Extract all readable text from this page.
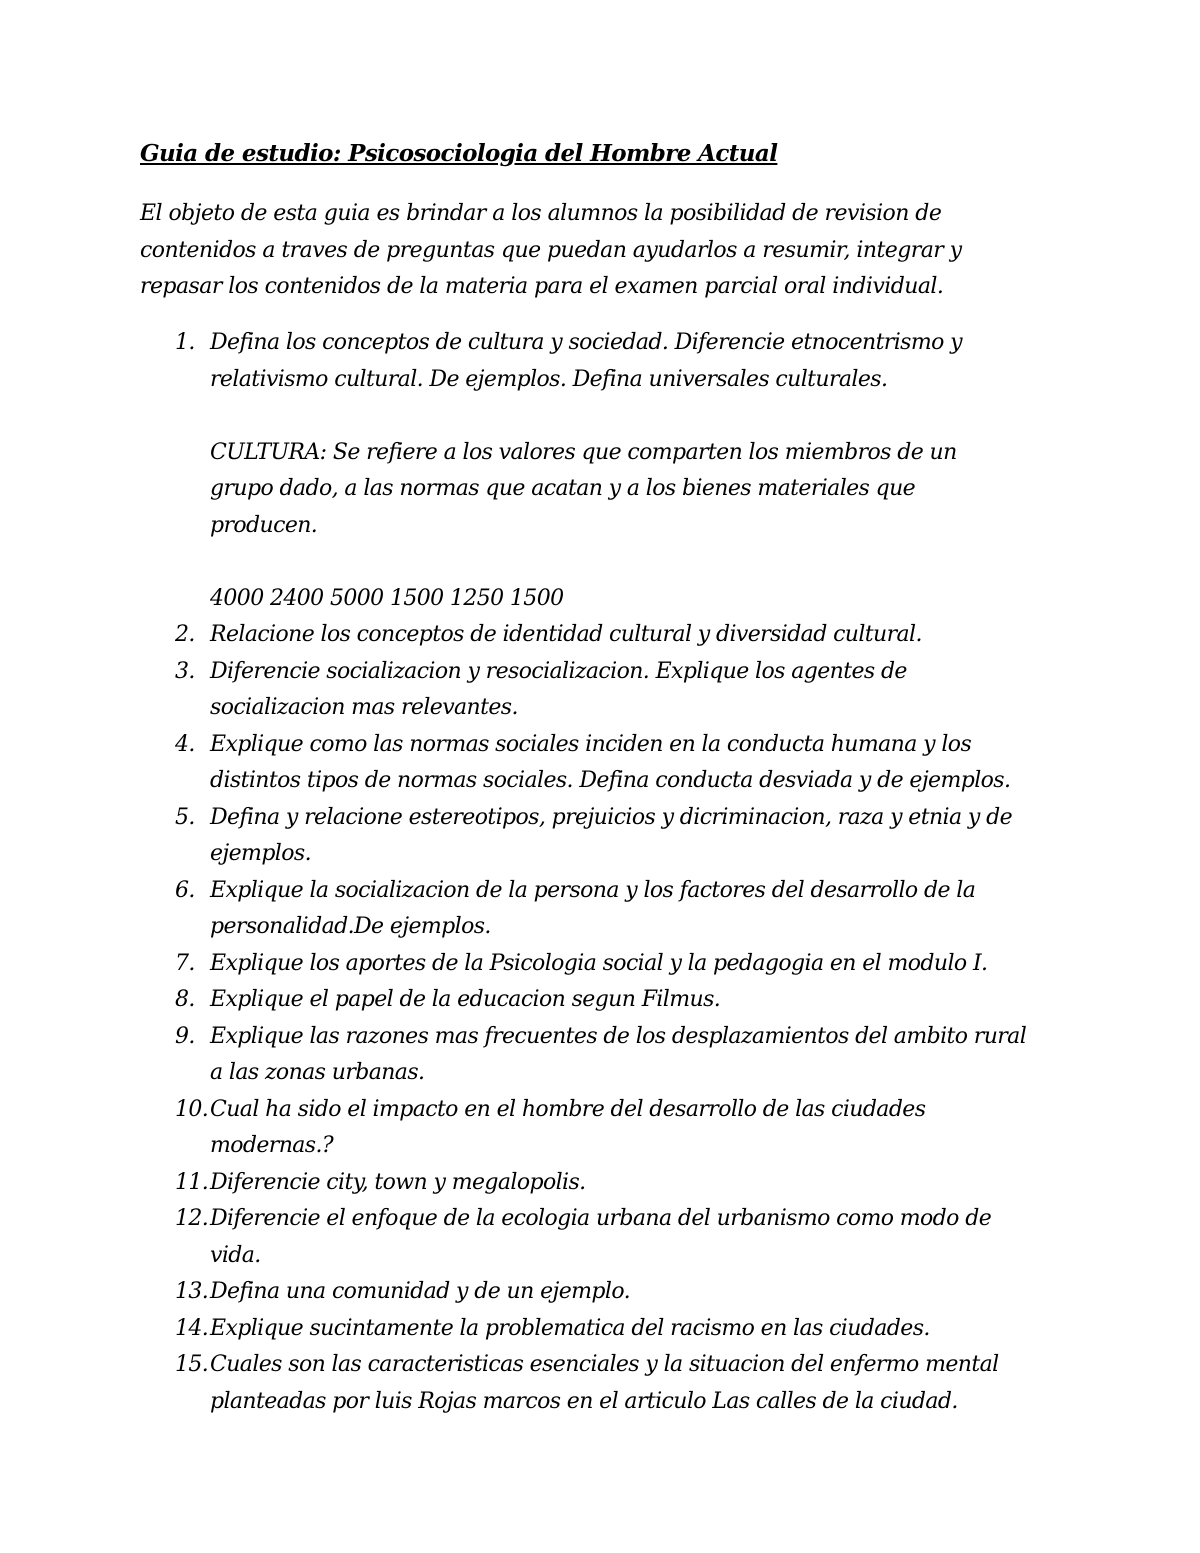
Guia de estudio: Psicosociologia del Hombre Actual

El objeto de esta guia es brindar a los alumnos la posibilidad de revision de
contenidos a traves de preguntas que puedan ayudarlos a resumir, integrar y
repasar los contenidos de la materia para el examen parcial oral individual.

1. Defina los conceptos de cultura y sociedad. Diferencie etnocentrismo y
relativismo cultural. De ejemplos. Defina universales culturales.
CULTURA: Se refiere a los valores que comparten los miembros de un
grupo dado, a las normas que acatan y a los bienes materiales que
producen.
4000 2400 5000 1500 1250 1500
2. Relacione los conceptos de identidad cultural y diversidad cultural.
3. Diferencie socializacion y resocializacion. Explique los agentes de
socializacion mas relevantes.
4. Explique como las normas sociales inciden en la conducta humana y los
distintos tipos de normas sociales. Defina conducta desviada y de ejemplos.
5. Defina y relacione estereotipos, prejuicios y dicriminacion, raza y etnia y de
ejemplos.
6. Explique la socializacion de la persona y los factores del desarrollo de la
personalidad.De ejemplos.
7. Explique los aportes de la Psicologia social y la pedagogia en el modulo I.
8. Explique el papel de la educacion segun Filmus.
9. Explique las razones mas frecuentes de los desplazamientos del ambito rural
a las zonas urbanas.
10. Cual ha sido el impacto en el hombre del desarrollo de las ciudades
modernas.?
11. Diferencie city, town y megalopolis.
12. Diferencie el enfoque de la ecologia urbana del urbanismo como modo de
vida.
13. Defina una comunidad y de un ejemplo.
14. Explique sucintamente la problematica del racismo en las ciudades.
15. Cuales son las caracteristicas esenciales y la situacion del enfermo mental
planteadas por luis Rojas marcos en el articulo Las calles de la ciudad.
